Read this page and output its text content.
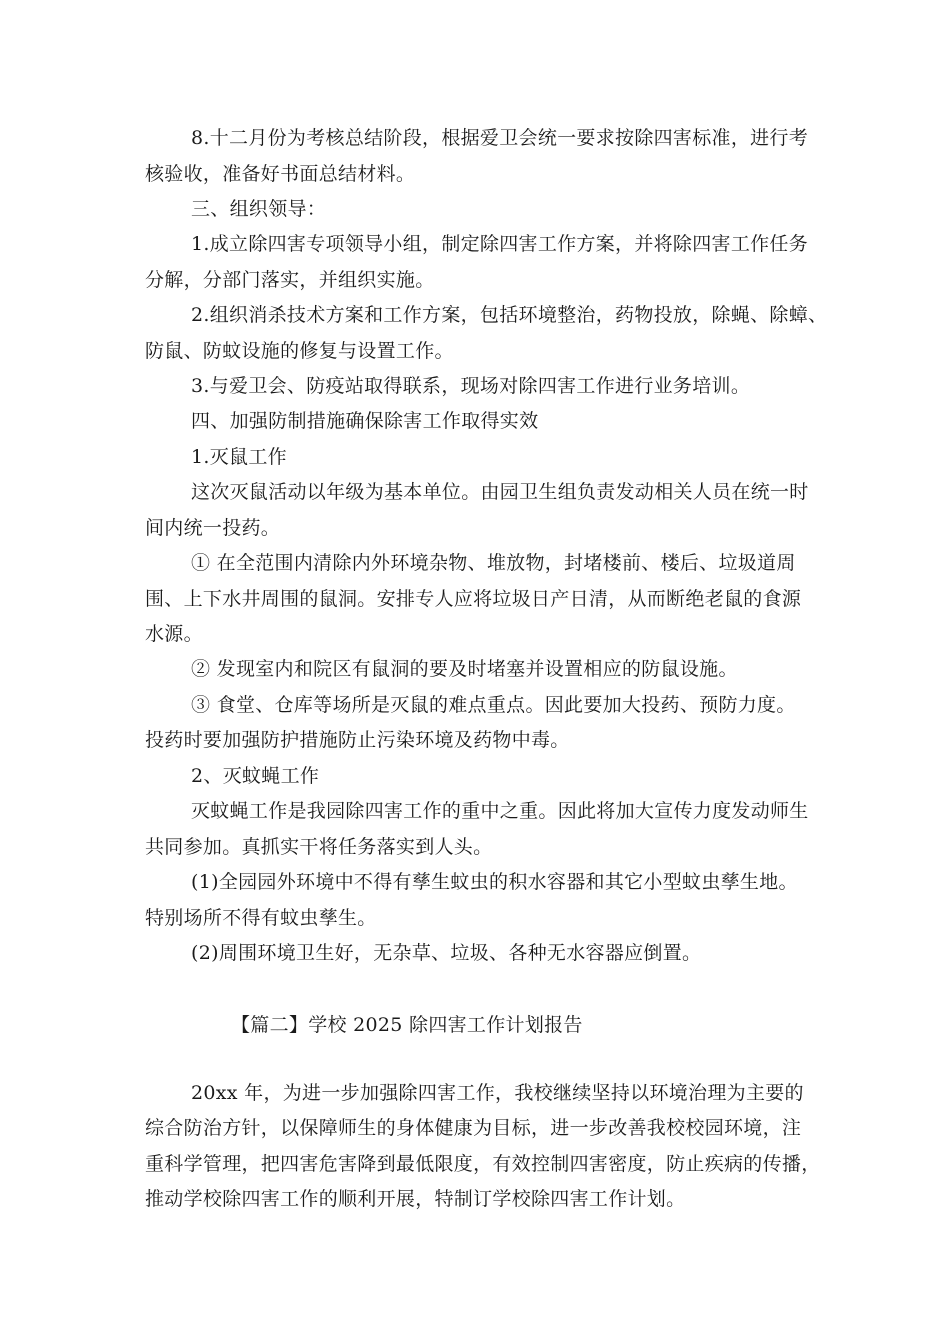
8.十二月份为考核总结阶段，根据爱卫会统一要求按除四害标准，进行考
核验收，准备好书面总结材料。
三、组织领导：
1.成立除四害专项领导小组，制定除四害工作方案，并将除四害工作任务
分解，分部门落实，并组织实施。
2.组织消杀技术方案和工作方案，包括环境整治，药物投放，除蝇、除蟑、
防鼠、防蚊设施的修复与设置工作。
3.与爱卫会、防疫站取得联系，现场对除四害工作进行业务培训。
四、加强防制措施确保除害工作取得实效
1.灭鼠工作
这次灭鼠活动以年级为基本单位。由园卫生组负责发动相关人员在统一时
间内统一投药。
① 在全范围内清除内外环境杂物、堆放物，封堵楼前、楼后、垃圾道周
围、上下水井周围的鼠洞。安排专人应将垃圾日产日清，从而断绝老鼠的食源
水源。
② 发现室内和院区有鼠洞的要及时堵塞并设置相应的防鼠设施。
③ 食堂、仓库等场所是灭鼠的难点重点。因此要加大投药、预防力度。
投药时要加强防护措施防止污染环境及药物中毒。
2、灭蚊蝇工作
灭蚊蝇工作是我园除四害工作的重中之重。因此将加大宣传力度发动师生
共同参加。真抓实干将任务落实到人头。
(1)全园园外环境中不得有孳生蚊虫的积水容器和其它小型蚊虫孳生地。
特别场所不得有蚊虫孳生。
(2)周围环境卫生好，无杂草、垃圾、各种无水容器应倒置。
【篇二】学校 2025 除四害工作计划报告
20xx 年，为进一步加强除四害工作，我校继续坚持以环境治理为主要的
综合防治方针，以保障师生的身体健康为目标，进一步改善我校校园环境，注
重科学管理，把四害危害降到最低限度，有效控制四害密度，防止疾病的传播，
推动学校除四害工作的顺利开展，特制订学校除四害工作计划。
